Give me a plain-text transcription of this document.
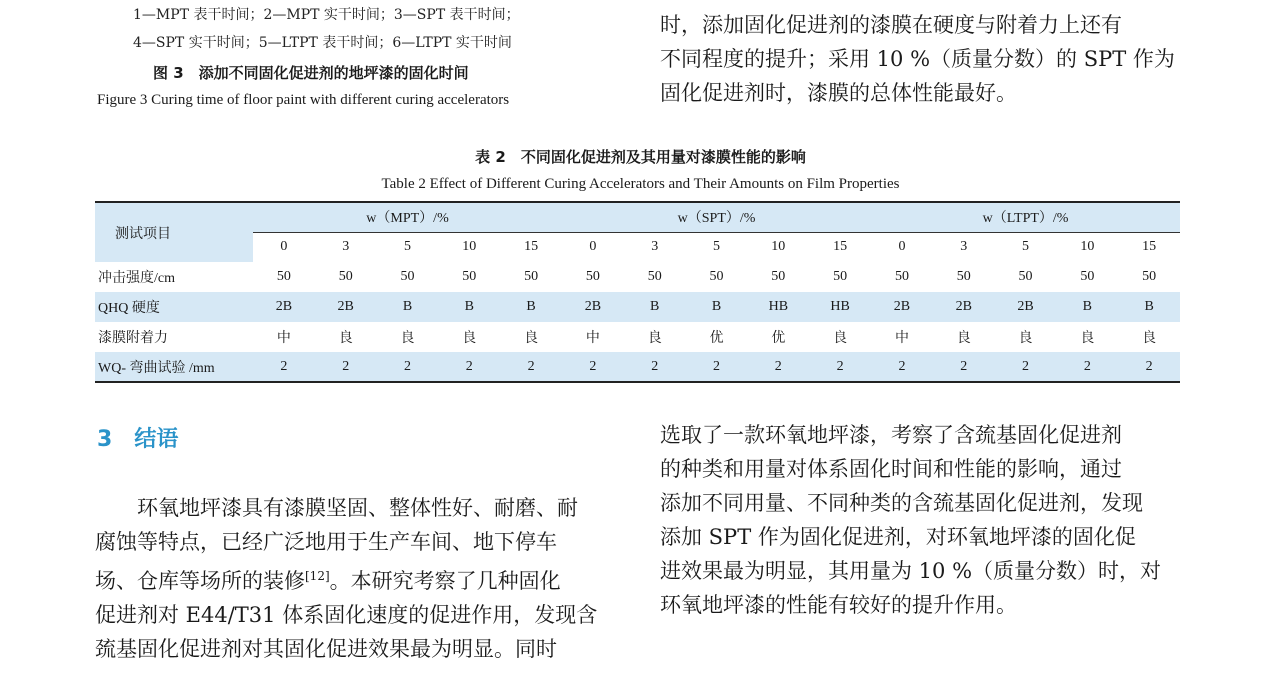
1—MPT 表干时间；2—MPT 实干时间；3—SPT 表干时间；
4—SPT 实干时间；5—LTPT 表干时间；6—LTPT 实干时间
图 3　添加不同固化促进剂的地坪漆的固化时间
Figure 3 Curing time of floor paint with different curing accelerators
时，添加固化促进剂的漆膜在硬度与附着力上还有
不同程度的提升；采用 10 %（质量分数）的 SPT 作为
固化促进剂时，漆膜的总体性能最好。
表 2　不同固化促进剂及其用量对漆膜性能的影响
Table 2 Effect of Different Curing Accelerators and Their Amounts on Film Properties
测试项目	w（MPT）/%					w（SPT）/%					w（LTPT）/%				
	0	3	5	10	15	0	3	5	10	15	0	3	5	10	15
冲击强度/cm	50	50	50	50	50	50	50	50	50	50	50	50	50	50	50
QHQ 硬度	2B	2B	B	B	B	2B	B	B	HB	HB	2B	2B	2B	B	B
漆膜附着力	中	良	良	良	良	中	良	优	优	良	中	良	良	良	良
WQ- 弯曲试验 /mm	2	2	2	2	2	2	2	2	2	2	2	2	2	2	2
3 结语
　　环氧地坪漆具有漆膜坚固、整体性好、耐磨、耐
腐蚀等特点，已经广泛地用于生产车间、地下停车
场、仓库等场所的装修[12]。本研究考察了几种固化
促进剂对 E44/T31 体系固化速度的促进作用，发现含
巯基固化促进剂对其固化促进效果最为明显。同时
选取了一款环氧地坪漆，考察了含巯基固化促进剂
的种类和用量对体系固化时间和性能的影响，通过
添加不同用量、不同种类的含巯基固化促进剂，发现
添加 SPT 作为固化促进剂，对环氧地坪漆的固化促
进效果最为明显，其用量为 10 %（质量分数）时，对
环氧地坪漆的性能有较好的提升作用。
